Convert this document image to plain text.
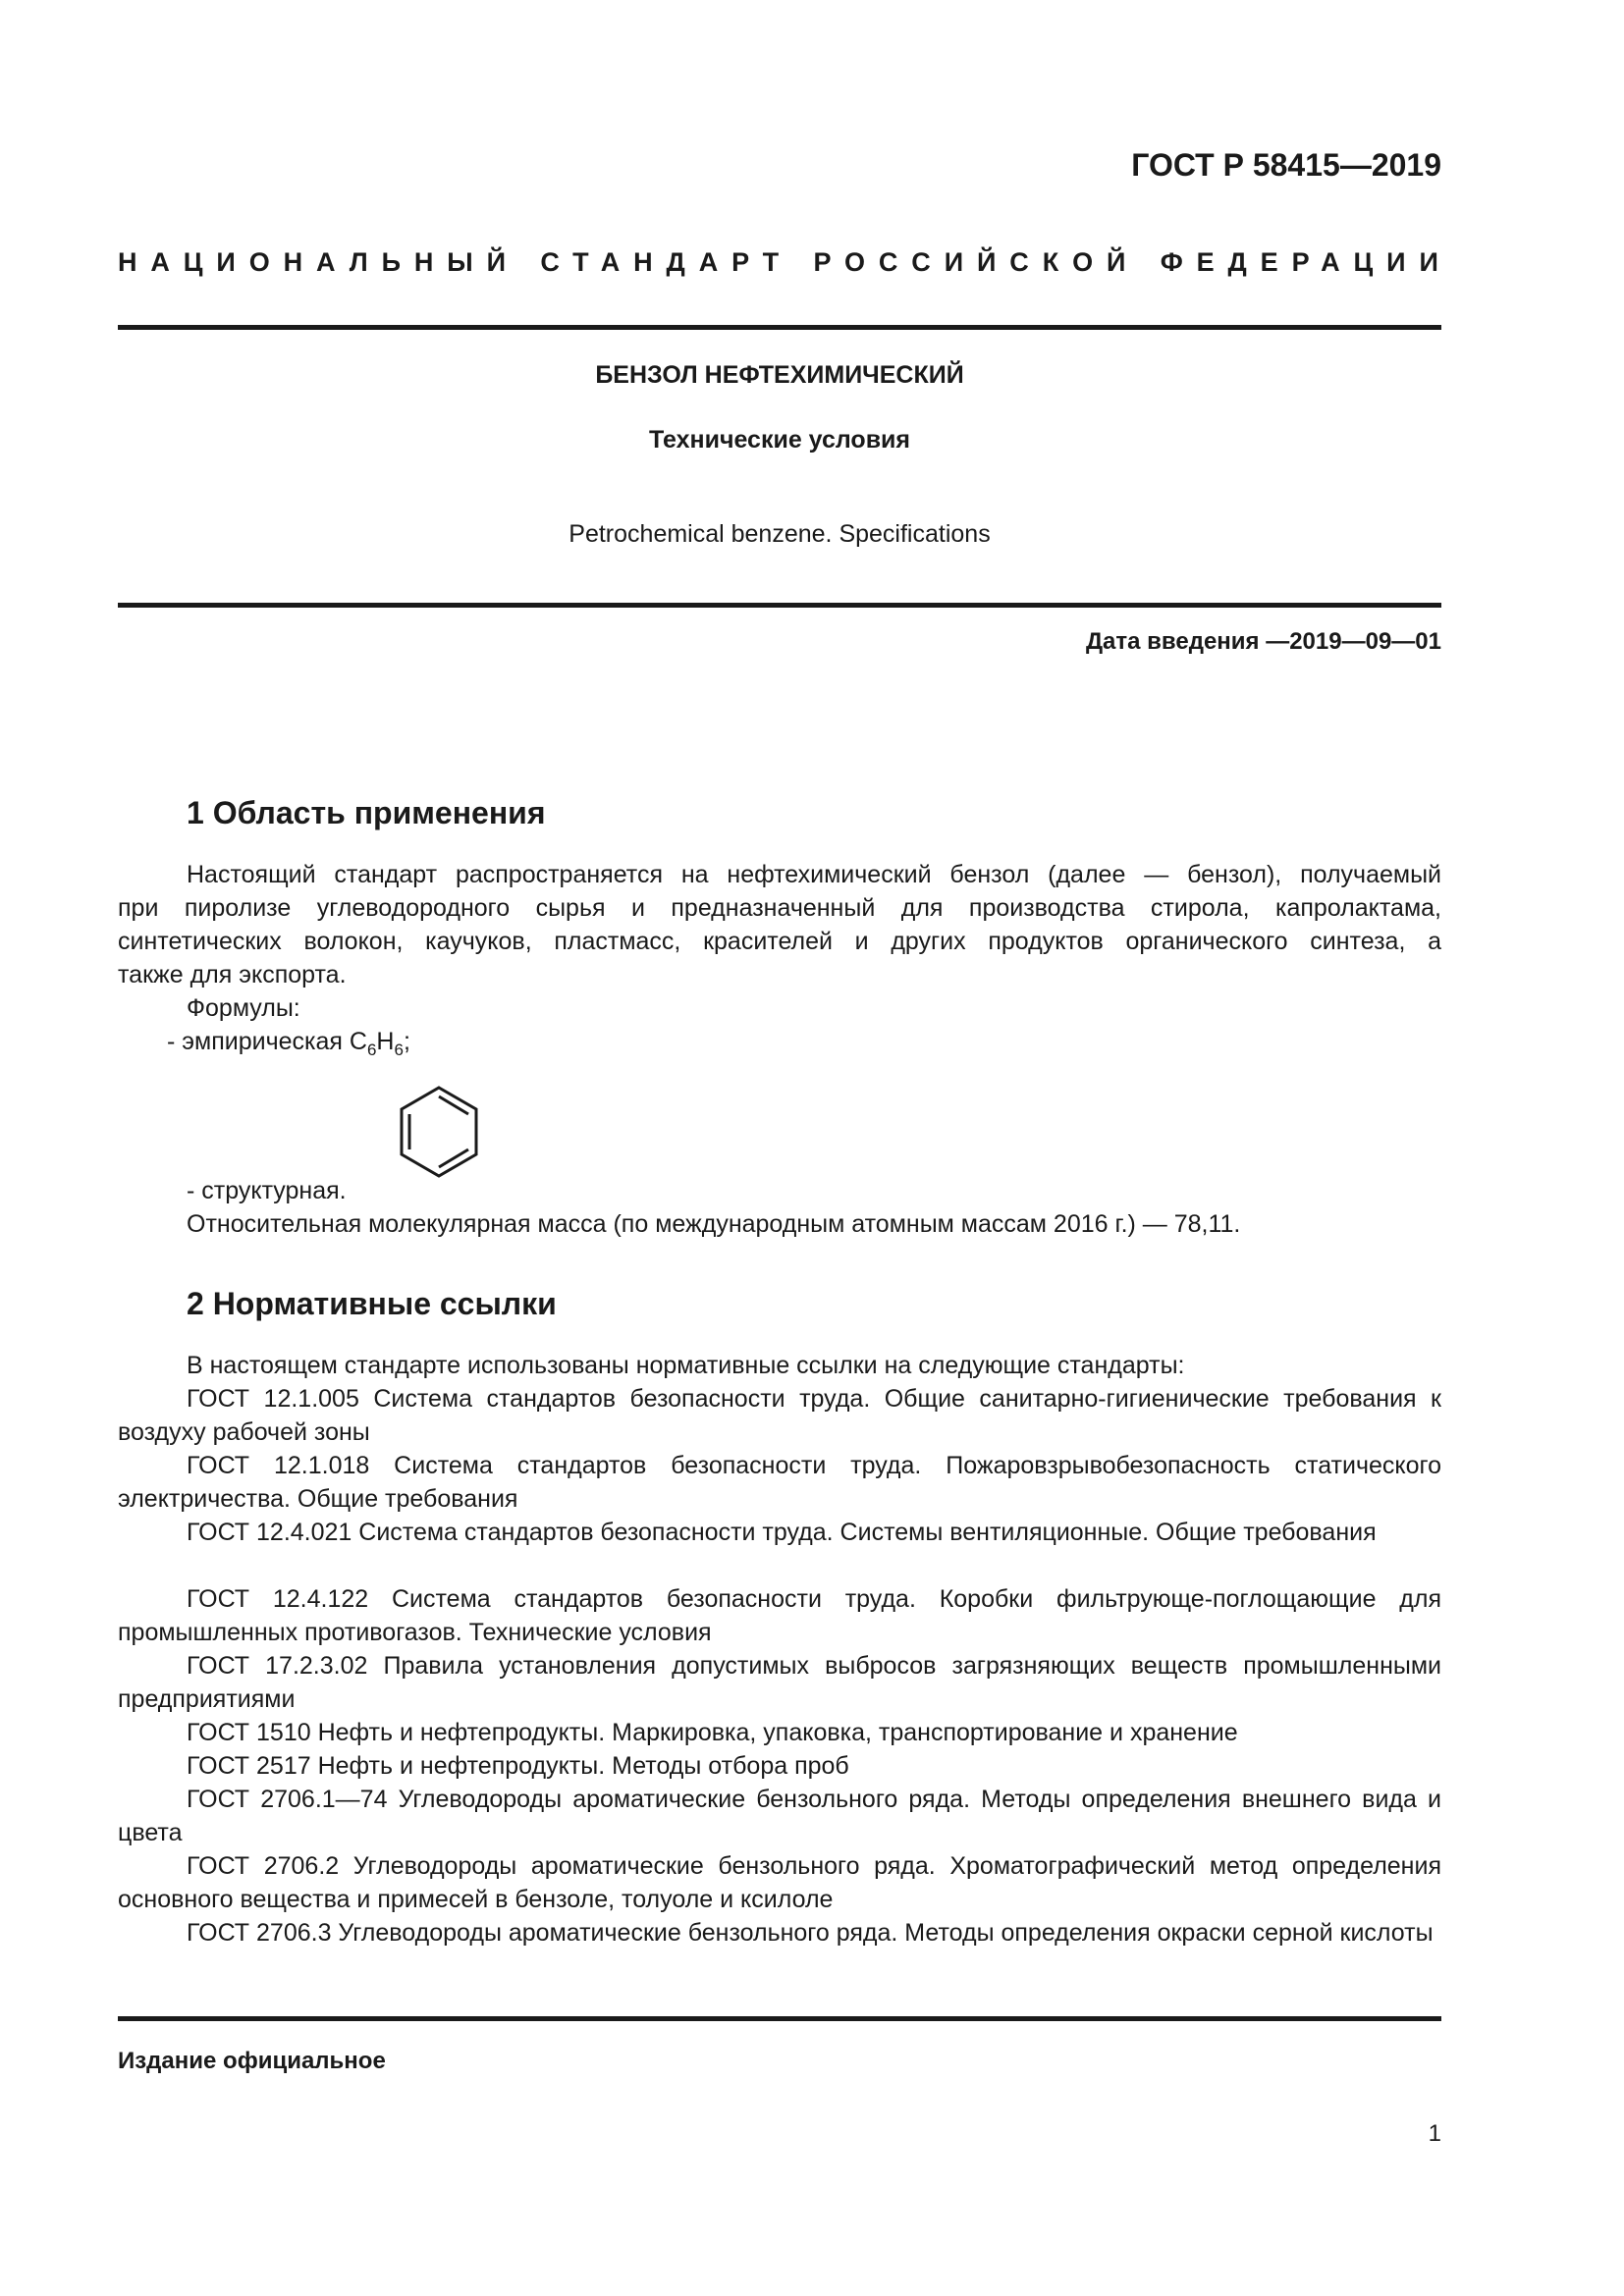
ГОСТ Р 58415—2019
НАЦИОНАЛЬНЫЙ СТАНДАРТ РОССИЙСКОЙ ФЕДЕРАЦИИ
БЕНЗОЛ НЕФТЕХИМИЧЕСКИЙ
Технические условия
Petrochemical benzene. Specifications
Дата введения —2019—09—01
1 Область применения
Настоящий стандарт распространяется на нефтехимический бензол (далее — бензол), получаемый
при пиролизе углеводородного сырья и предназначенный для производства стирола, капролактама,
синтетических волокон, каучуков, пластмасс, красителей и других продуктов органического синтеза, а
также для экспорта.
Формулы:
- эмпирическая $C_6H_6$;
- структурная.
Относительная молекулярная масса (по международным атомным массам 2016 г.) — 78,11.
2 Нормативные ссылки
В настоящем стандарте использованы нормативные ссылки на следующие стандарты:
ГОСТ 12.1.005 Система стандартов безопасности труда. Общие санитарно-гигиенические требования к воздуху рабочей зоны
ГОСТ 12.1.018 Система стандартов безопасности труда. Пожаровзрывобезопасность статического электричества. Общие требования
ГОСТ 12.4.021 Система стандартов безопасности труда. Системы вентиляционные. Общие требования
ГОСТ 12.4.122 Система стандартов безопасности труда. Коробки фильтрующе-поглощающие для промышленных противогазов. Технические условия
ГОСТ 17.2.3.02 Правила установления допустимых выбросов загрязняющих веществ промышленными предприятиями
ГОСТ 1510 Нефть и нефтепродукты. Маркировка, упаковка, транспортирование и хранение
ГОСТ 2517 Нефть и нефтепродукты. Методы отбора проб
ГОСТ 2706.1—74 Углеводороды ароматические бензольного ряда. Методы определения внешнего вида и цвета
ГОСТ 2706.2 Углеводороды ароматические бензольного ряда. Хроматографический метод определения основного вещества и примесей в бензоле, толуоле и ксилоле
ГОСТ 2706.3 Углеводороды ароматические бензольного ряда. Методы определения окраски серной кислоты
Издание официальное
1
